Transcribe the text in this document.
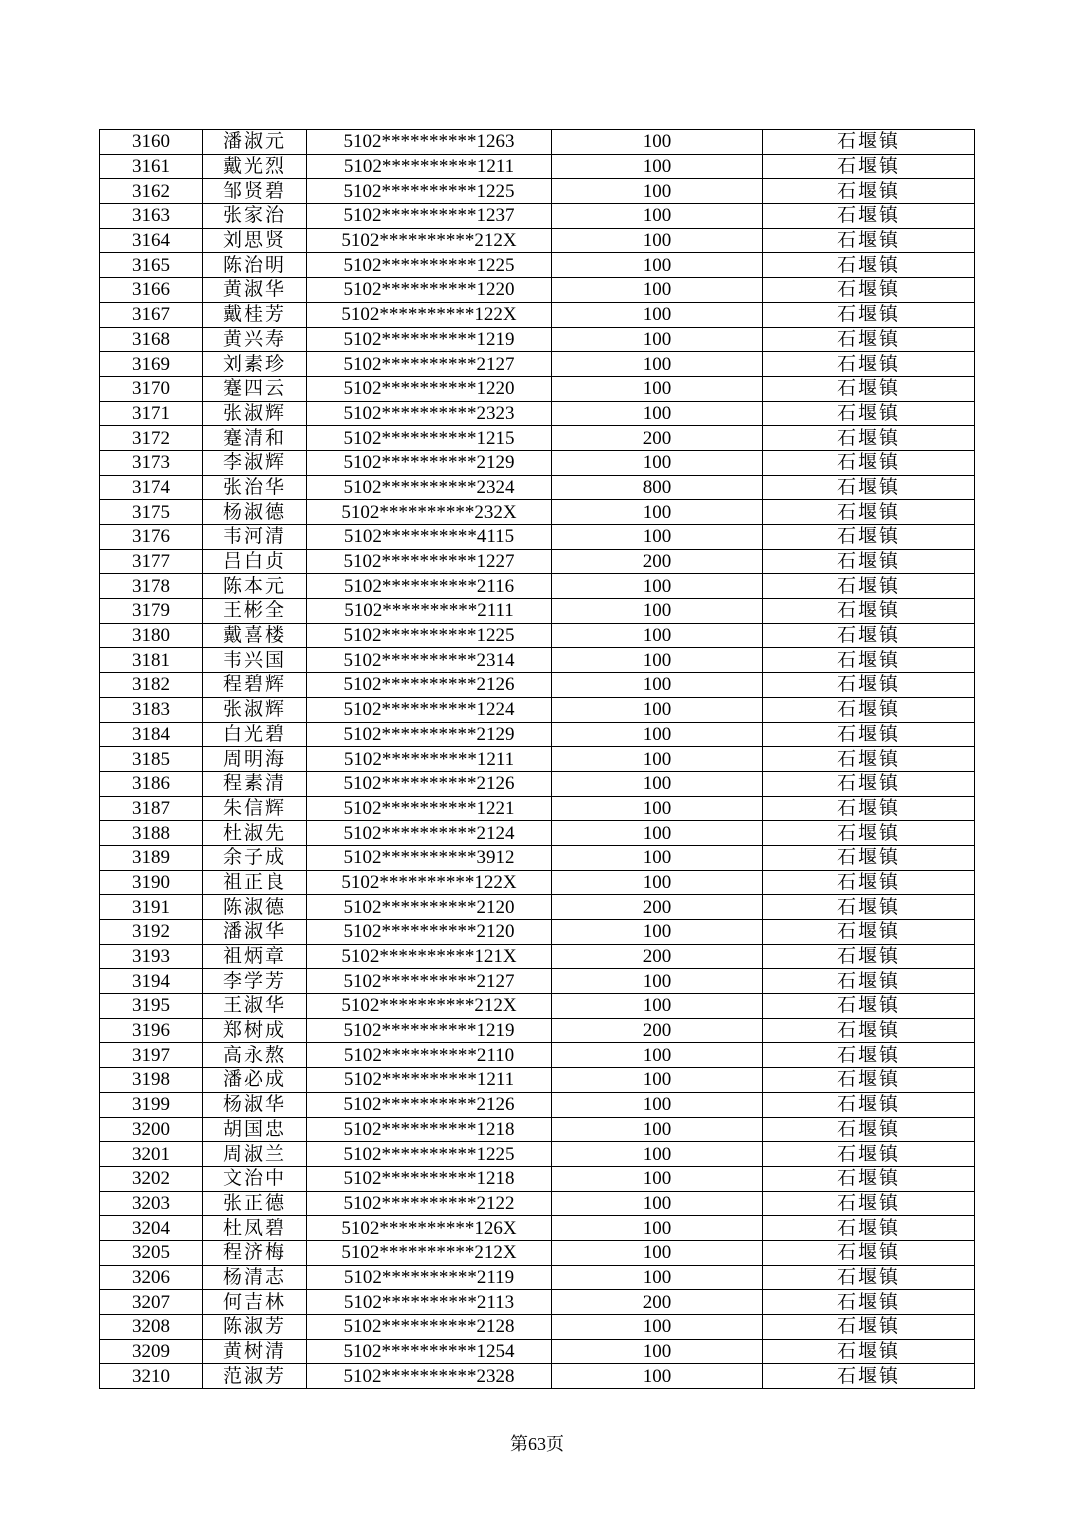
3160	潘淑元	5102**********1263	100	石堰镇
3161	戴光烈	5102**********1211	100	石堰镇
3162	邹贤碧	5102**********1225	100	石堰镇
3163	张家治	5102**********1237	100	石堰镇
3164	刘思贤	5102**********212X	100	石堰镇
3165	陈治明	5102**********1225	100	石堰镇
3166	黄淑华	5102**********1220	100	石堰镇
3167	戴桂芳	5102**********122X	100	石堰镇
3168	黄兴寿	5102**********1219	100	石堰镇
3169	刘素珍	5102**********2127	100	石堰镇
3170	蹇四云	5102**********1220	100	石堰镇
3171	张淑辉	5102**********2323	100	石堰镇
3172	蹇清和	5102**********1215	200	石堰镇
3173	李淑辉	5102**********2129	100	石堰镇
3174	张治华	5102**********2324	800	石堰镇
3175	杨淑德	5102**********232X	100	石堰镇
3176	韦河清	5102**********4115	100	石堰镇
3177	吕白贞	5102**********1227	200	石堰镇
3178	陈本元	5102**********2116	100	石堰镇
3179	王彬全	5102**********2111	100	石堰镇
3180	戴喜楼	5102**********1225	100	石堰镇
3181	韦兴国	5102**********2314	100	石堰镇
3182	程碧辉	5102**********2126	100	石堰镇
3183	张淑辉	5102**********1224	100	石堰镇
3184	白光碧	5102**********2129	100	石堰镇
3185	周明海	5102**********1211	100	石堰镇
3186	程素清	5102**********2126	100	石堰镇
3187	朱信辉	5102**********1221	100	石堰镇
3188	杜淑先	5102**********2124	100	石堰镇
3189	余子成	5102**********3912	100	石堰镇
3190	祖正良	5102**********122X	100	石堰镇
3191	陈淑德	5102**********2120	200	石堰镇
3192	潘淑华	5102**********2120	100	石堰镇
3193	祖炳章	5102**********121X	200	石堰镇
3194	李学芳	5102**********2127	100	石堰镇
3195	王淑华	5102**********212X	100	石堰镇
3196	郑树成	5102**********1219	200	石堰镇
3197	高永熬	5102**********2110	100	石堰镇
3198	潘必成	5102**********1211	100	石堰镇
3199	杨淑华	5102**********2126	100	石堰镇
3200	胡国忠	5102**********1218	100	石堰镇
3201	周淑兰	5102**********1225	100	石堰镇
3202	文治中	5102**********1218	100	石堰镇
3203	张正德	5102**********2122	100	石堰镇
3204	杜凤碧	5102**********126X	100	石堰镇
3205	程济梅	5102**********212X	100	石堰镇
3206	杨清志	5102**********2119	100	石堰镇
3207	何吉林	5102**********2113	200	石堰镇
3208	陈淑芳	5102**********2128	100	石堰镇
3209	黄树清	5102**********1254	100	石堰镇
3210	范淑芳	5102**********2328	100	石堰镇
第63页
